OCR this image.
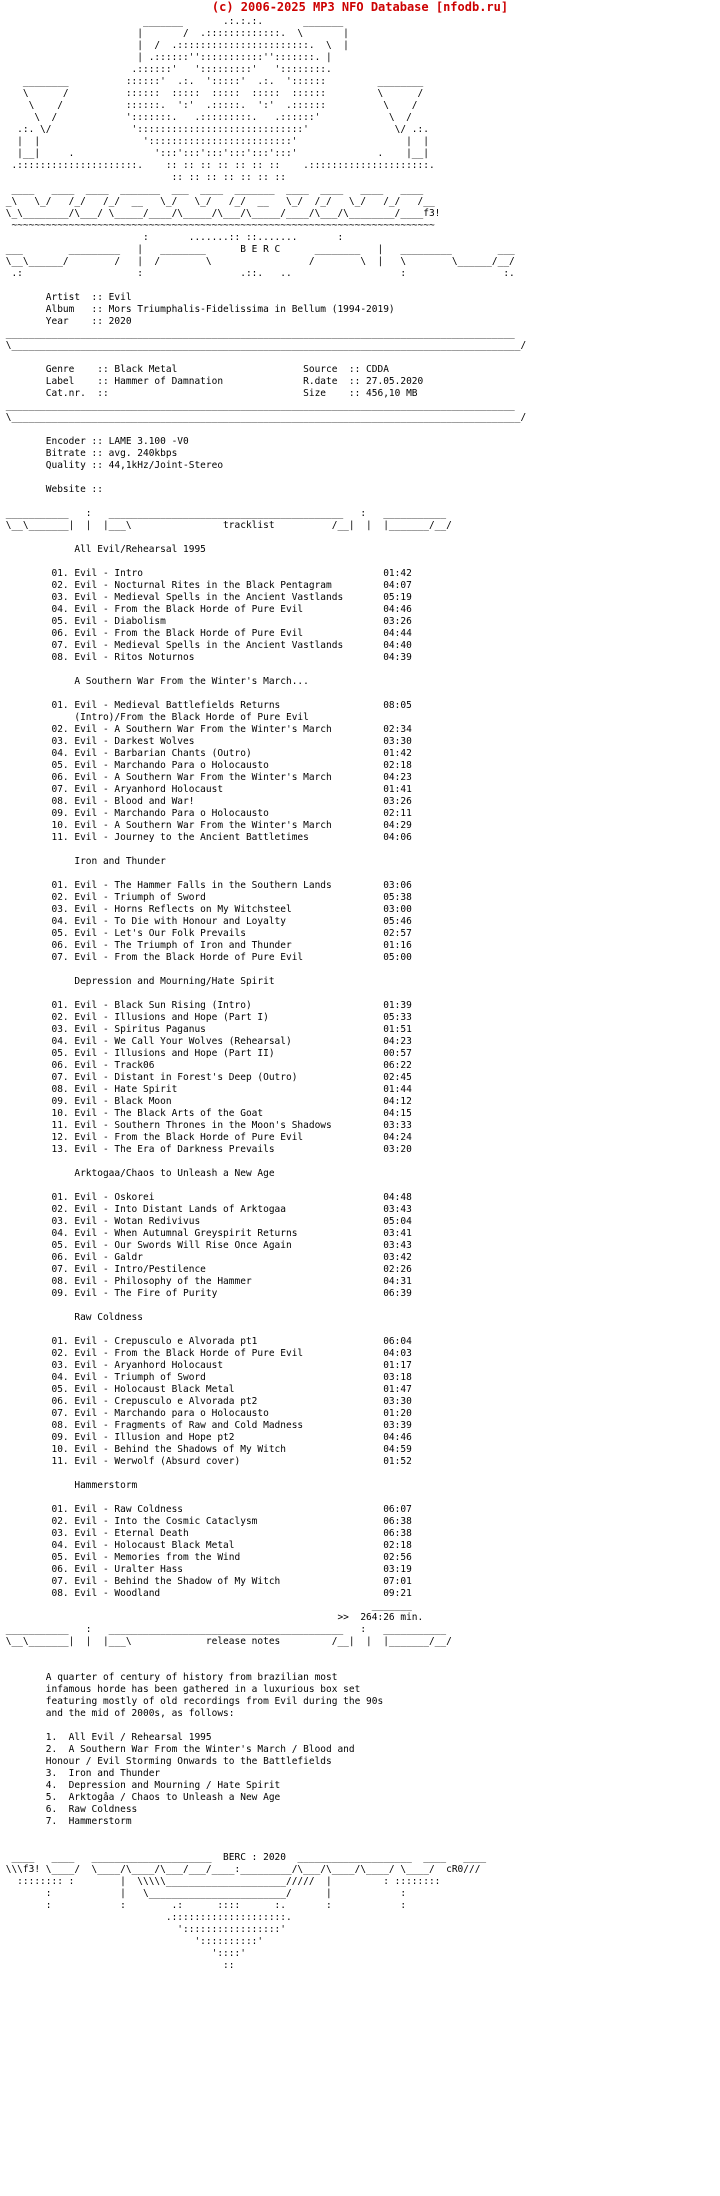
(c) 2006-2025 MP3 NFO Database [nfodb.ru]
_______       .:.:.:.       _______
|       /  .:::::::::::::.  \       |
|  /  .:::::::::::::::::::::::.  \  |
| .::::::'':::::::::::'':::::::. |
.::::::'   ':::::::::'   '::::::::.
________          ::::::'  .:.  ':::::'  .:.  '::::::         ________
\      /          ::::::  :::::  :::::  :::::  ::::::         \      /
\    /           ::::::.  ':'  .:::::.  ':'  .::::::          \    /
\  /            ':::::::.   .:::::::::.   .::::::'            \  /
.:. \/              ':::::::::::::::::::::::::::::'               \/ .:.
|  |                  ':::::::::::::::::::::::::'                   |  |
|__|     .              ':::':::':::':::':::':::'              .    |__|
.:::::::::::::::::::::.    :: :: :: :: :: :: ::    .:::::::::::::::::::::.
:: :: :: :: :: :: ::
____   ____  ____  _______  ___  ____  _______  ____  ____   ____   ____
_\   \_/   /_/   /_/  __   \_/   \_/   /_/  __   \_/  /_/   \_/   /_/   /__
\_\________/\___/ \_____/____/\_____/\___/\_____/____/\___/\________/____f3!
~~~~~~~~~~~~~~~~~~~~~~~~~~~~~~~~~~~~~~~~~~~~~~~~~~~~~~~~~~~~~~~~~~~~~~~~~~
:       .......:: ::.......       :
___        _________   |   ________      B E R C      ________   |   _________        ___
\__\______/        /   |  /        \                 /        \  |   \        \______/__/
.:                    :                 .::.   ..                   :                 :.

Artist  :: Evil
Album   :: Mors Triumphalis-Fidelissima in Bellum (1994-2019)
Year    :: 2020
_________________________________________________________________________________________
\_________________________________________________________________________________________/

Genre    :: Black Metal                      Source  :: CDDA
Label    :: Hammer of Damnation              R.date  :: 27.05.2020
Cat.nr.  ::                                  Size    :: 456,10 MB
_________________________________________________________________________________________
\_________________________________________________________________________________________/

Encoder :: LAME 3.100 -V0
Bitrate :: avg. 240kbps
Quality :: 44,1kHz/Joint-Stereo

Website ::

___________   :   _________________________________________   :   ___________
\__\_______|  |  |___\                tracklist          /__|  |  |_______/__/

All Evil/Rehearsal 1995

01. Evil - Intro                                          01:42
02. Evil - Nocturnal Rites in the Black Pentagram         04:07
03. Evil - Medieval Spells in the Ancient Vastlands       05:19
04. Evil - From the Black Horde of Pure Evil              04:46
05. Evil - Diabolism                                      03:26
06. Evil - From the Black Horde of Pure Evil              04:44
07. Evil - Medieval Spells in the Ancient Vastlands       04:40
08. Evil - Ritos Noturnos                                 04:39

A Southern War From the Winter's March...

01. Evil - Medieval Battlefields Returns                  08:05
(Intro)/From the Black Horde of Pure Evil
02. Evil - A Southern War From the Winter's March         02:34
03. Evil - Darkest Wolves                                 03:30
04. Evil - Barbarian Chants (Outro)                       01:42
05. Evil - Marchando Para o Holocausto                    02:18
06. Evil - A Southern War From the Winter's March         04:23
07. Evil - Aryanhord Holocaust                            01:41
08. Evil - Blood and War!                                 03:26
09. Evil - Marchando Para o Holocausto                    02:11
10. Evil - A Southern War From the Winter's March         04:29
11. Evil - Journey to the Ancient Battletimes             04:06

Iron and Thunder

01. Evil - The Hammer Falls in the Southern Lands         03:06
02. Evil - Triumph of Sword                               05:38
03. Evil - Horns Reflects on My Witchsteel                03:00
04. Evil - To Die with Honour and Loyalty                 05:46
05. Evil - Let's Our Folk Prevails                        02:57
06. Evil - The Triumph of Iron and Thunder                01:16
07. Evil - From the Black Horde of Pure Evil              05:00

Depression and Mourning/Hate Spirit

01. Evil - Black Sun Rising (Intro)                       01:39
02. Evil - Illusions and Hope (Part I)                    05:33
03. Evil - Spiritus Paganus                               01:51
04. Evil - We Call Your Wolves (Rehearsal)                04:23
05. Evil - Illusions and Hope (Part II)                   00:57
06. Evil - Track06                                        06:22
07. Evil - Distant in Forest's Deep (Outro)               02:45
08. Evil - Hate Spirit                                    01:44
09. Evil - Black Moon                                     04:12
10. Evil - The Black Arts of the Goat                     04:15
11. Evil - Southern Thrones in the Moon's Shadows         03:33
12. Evil - From the Black Horde of Pure Evil              04:24
13. Evil - The Era of Darkness Prevails                   03:20

Arktogaa/Chaos to Unleash a New Age

01. Evil - Oskorei                                        04:48
02. Evil - Into Distant Lands of Arktogaa                 03:43
03. Evil - Wotan Redivivus                                05:04
04. Evil - When Autumnal Greyspirit Returns               03:41
05. Evil - Our Swords Will Rise Once Again                03:43
06. Evil - Galdr                                          03:42
07. Evil - Intro/Pestilence                               02:26
08. Evil - Philosophy of the Hammer                       04:31
09. Evil - The Fire of Purity                             06:39

Raw Coldness

01. Evil - Crepusculo e Alvorada pt1                      06:04
02. Evil - From the Black Horde of Pure Evil              04:03
03. Evil - Aryanhord Holocaust                            01:17
04. Evil - Triumph of Sword                               03:18
05. Evil - Holocaust Black Metal                          01:47
06. Evil - Crepusculo e Alvorada pt2                      03:30
07. Evil - Marchando para o Holocausto                    01:20
08. Evil - Fragments of Raw and Cold Madness              03:39
09. Evil - Illusion and Hope pt2                          04:46
10. Evil - Behind the Shadows of My Witch                 04:59
11. Evil - Werwolf (Absurd cover)                         01:52

Hammerstorm

01. Evil - Raw Coldness                                   06:07
02. Evil - Into the Cosmic Cataclysm                      06:38
03. Evil - Eternal Death                                  06:38
04. Evil - Holocaust Black Metal                          02:18
05. Evil - Memories from the Wind                         02:56
06. Evil - Uralter Hass                                   03:19
07. Evil - Behind the Shadow of My Witch                  07:01
08. Evil - Woodland                                       09:21
_______
>>  264:26 min.
___________   :   _________________________________________   :   ___________
\__\_______|  |  |___\             release notes         /__|  |  |_______/__/

A quarter of century of history from brazilian most
infamous horde has been gathered in a luxurious box set
featuring mostly of old recordings from Evil during the 90s
and the mid of 2000s, as follows:

1.  All Evil / Rehearsal 1995
2.  A Southern War From the Winter's March / Blood and
Honour / Evil Storming Onwards to the Battlefields
3.  Iron and Thunder
4.  Depression and Mourning / Hate Spirit
5.  Arktogâa / Chaos to Unleash a New Age
6.  Raw Coldness
7.  Hammerstorm

____   ____   _____________________  BERC : 2020  ____________________  ____   ____
\\\f3! \____/  \____/\____/\___/___/____:_________/\___/\____/\____/ \____/  cR0///
:::::::: :        |  \\\\\_____________________/////  |         : ::::::::
:            |   \________________________/      |            :
:            :        .:      ::::      :.       :            :
.::::::::::::::::::::.
':::::::::::::::::'
'::::::::::'
'::::'
::
